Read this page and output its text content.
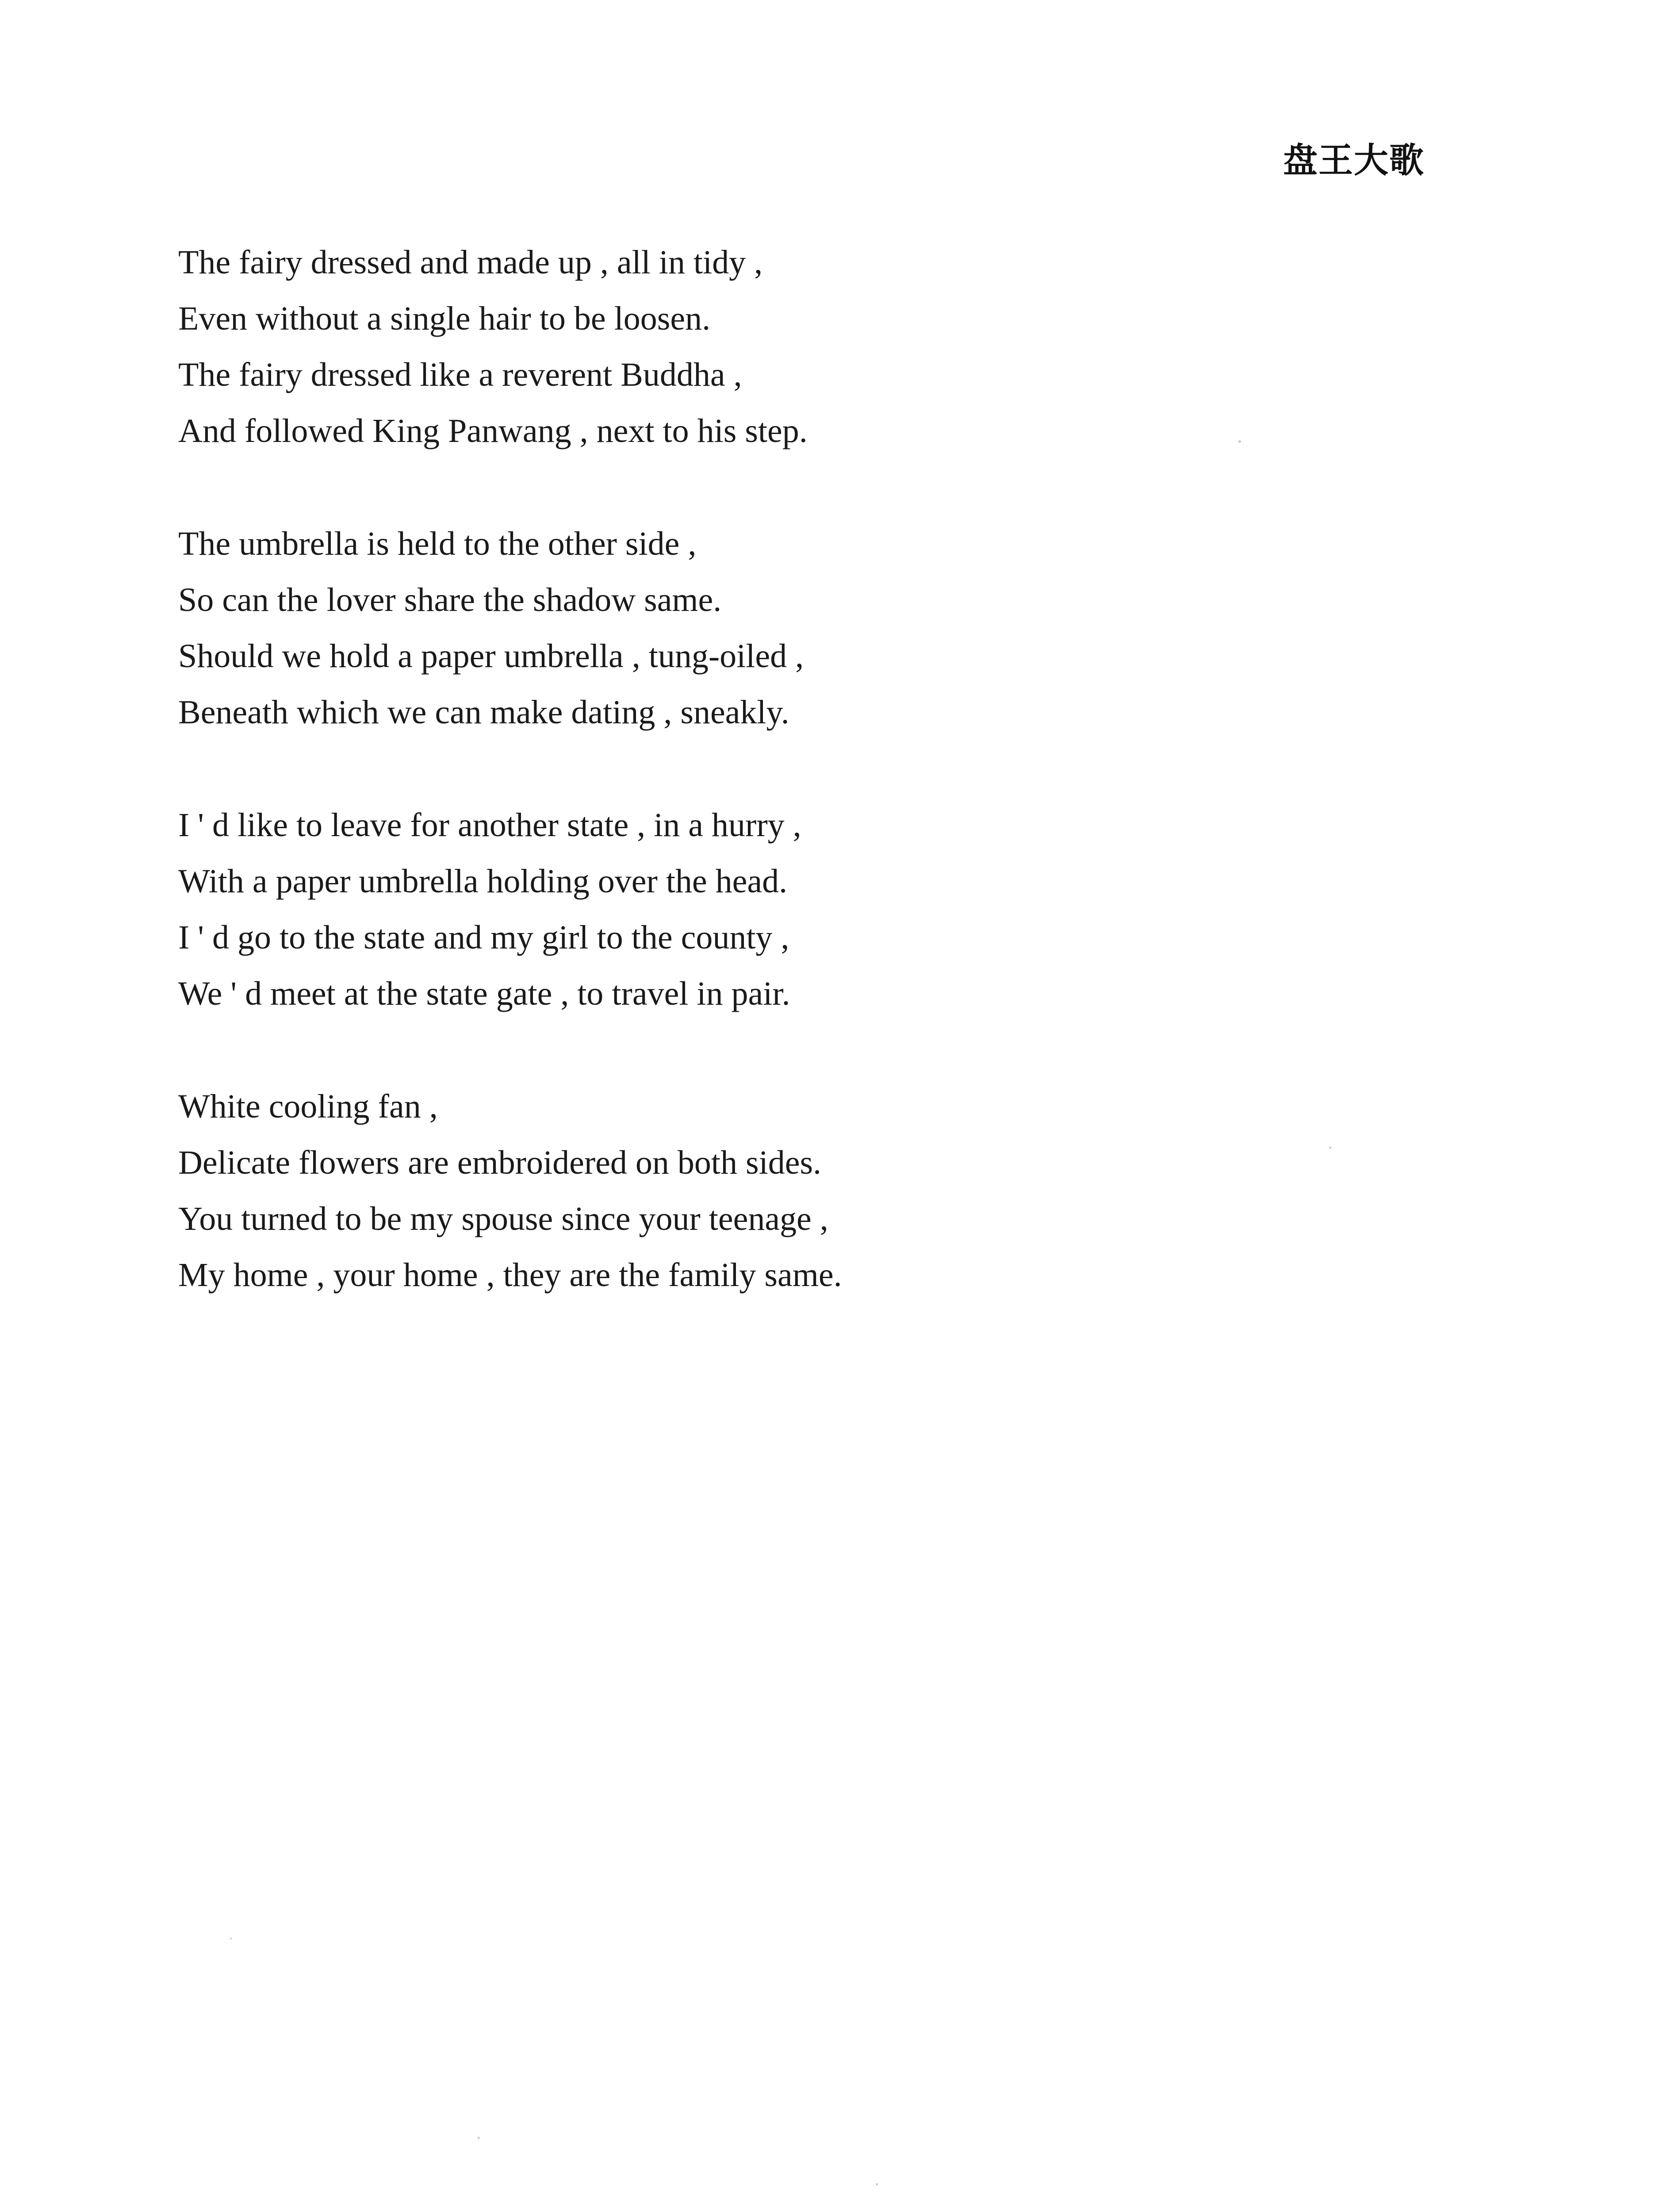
盘王大歌
The fairy dressed and made up , all in tidy ,
Even without a single hair to be loosen.
The fairy dressed like a reverent Buddha ,
And followed King Panwang , next to his step.
The umbrella is held to the other side ,
So can the lover share the shadow same.
Should we hold a paper umbrella , tung-oiled ,
Beneath which we can make dating , sneakly.
I ' d like to leave for another state , in a hurry ,
With a paper umbrella holding over the head.
I ' d go to the state and my girl to the county ,
We ' d meet at the state gate , to travel in pair.
White cooling fan ,
Delicate flowers are embroidered on both sides.
You turned to be my spouse since your teenage ,
My home , your home , they are the family same.
